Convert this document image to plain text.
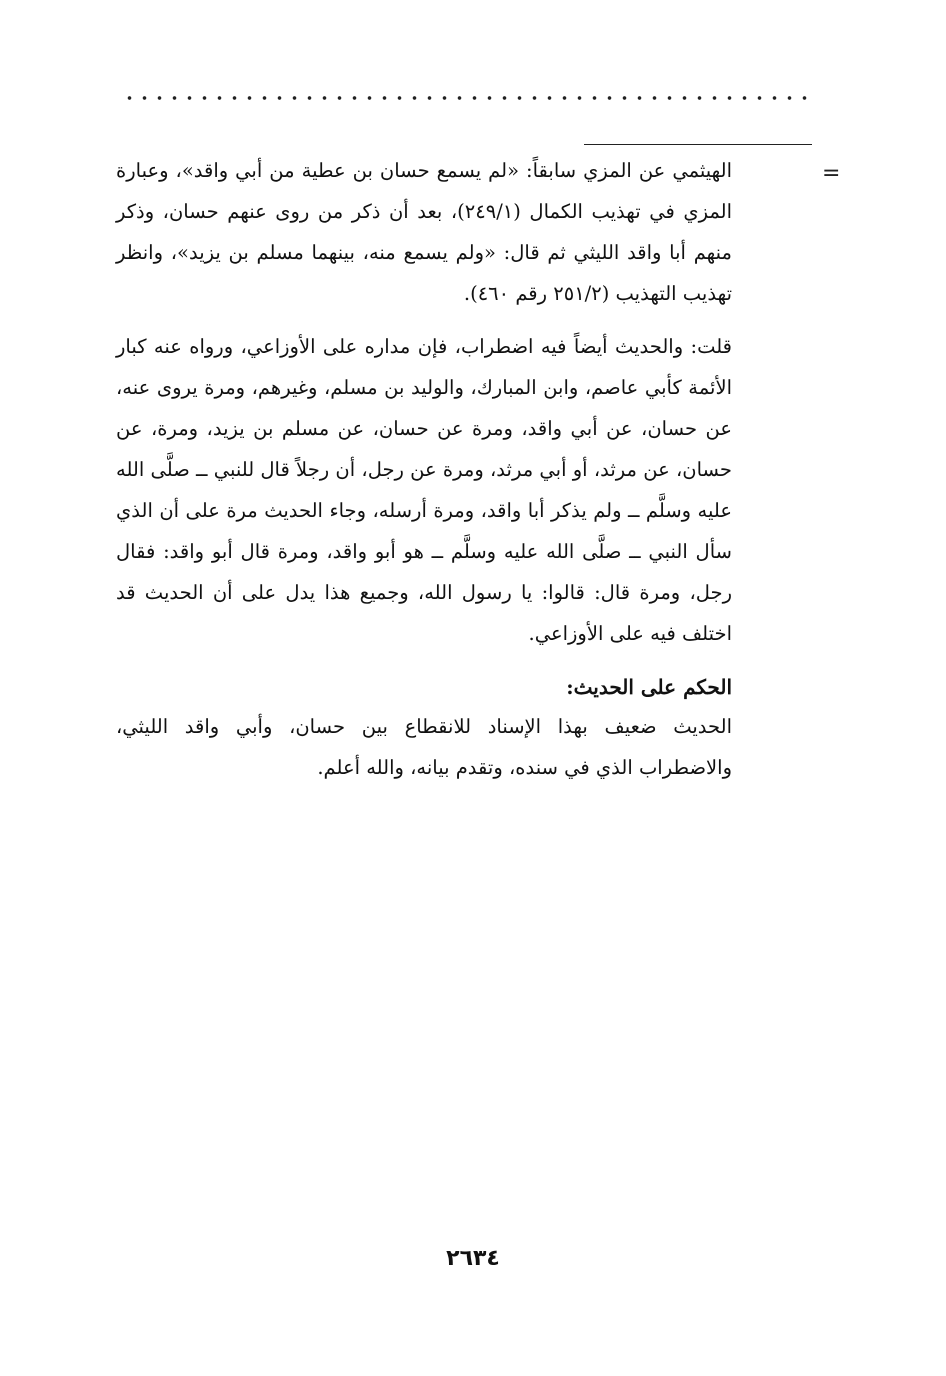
=

الهيثمي عن المزي سابقاً: «لم يسمع حسان بن عطية من أبي واقد»، وعبارة المزي في تهذيب الكمال (٢٤٩/١)، بعد أن ذكر من روى عنهم حسان، وذكر منهم أبا واقد الليثي ثم قال: «ولم يسمع منه، بينهما مسلم بن يزيد»، وانظر تهذيب التهذيب (٢٥١/٢ رقم ٤٦٠).

قلت: والحديث أيضاً فيه اضطراب، فإن مداره على الأوزاعي، ورواه عنه كبار الأئمة كأبي عاصم، وابن المبارك، والوليد بن مسلم، وغيرهم، ومرة يروى عنه، عن حسان، عن أبي واقد، ومرة عن حسان، عن مسلم بن يزيد، ومرة، عن حسان، عن مرثد، أو أبي مرثد، ومرة عن رجل، أن رجلاً قال للنبي ــ صلَّى الله عليه وسلَّم ــ ولم يذكر أبا واقد، ومرة أرسله، وجاء الحديث مرة على أن الذي سأل النبي ــ صلَّى الله عليه وسلَّم ــ هو أبو واقد، ومرة قال أبو واقد: فقال رجل، ومرة قال: قالوا: يا رسول الله، وجميع هذا يدل على أن الحديث قد اختلف فيه على الأوزاعي.

الحكم على الحديث:

الحديث ضعيف بهذا الإسناد للانقطاع بين حسان، وأبي واقد الليثي، والاضطراب الذي في سنده، وتقدم بيانه، والله أعلم.

٢٦٣٤
